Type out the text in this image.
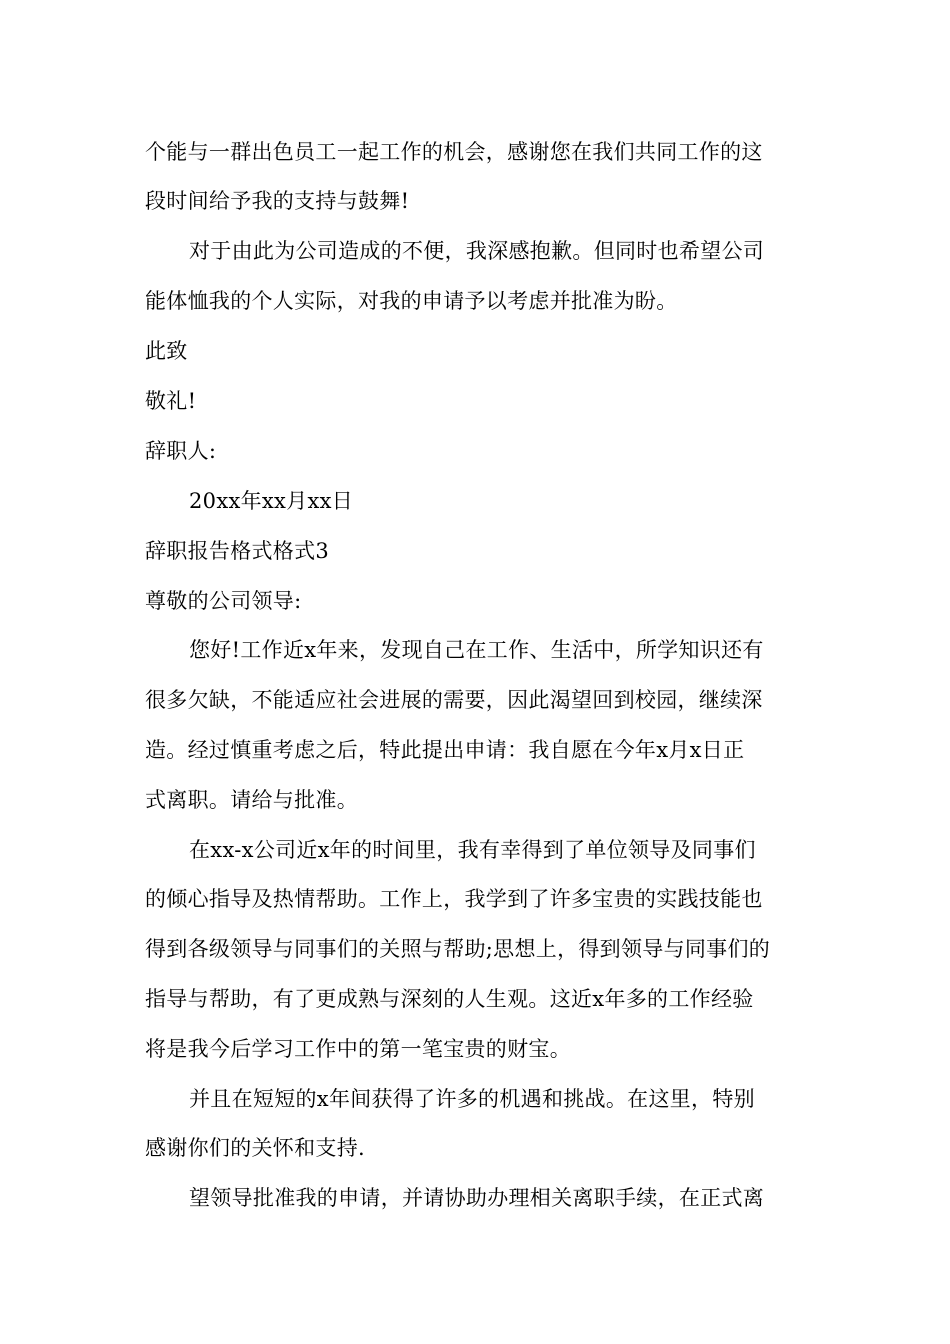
个能与一群出色员工一起工作的机会，感谢您在我们共同工作的这
段时间给予我的支持与鼓舞!
对于由此为公司造成的不便，我深感抱歉。但同时也希望公司
能体恤我的个人实际，对我的申请予以考虑并批准为盼。
此致
敬礼!
辞职人:
20xx年xx月xx日
辞职报告格式格式3
尊敬的公司领导:
您好!工作近x年来，发现自己在工作、生活中，所学知识还有
很多欠缺，不能适应社会进展的需要，因此渴望回到校园，继续深
造。经过慎重考虑之后，特此提出申请：我自愿在今年x月x日正
式离职。请给与批准。
在xx-x公司近x年的时间里，我有幸得到了单位领导及同事们
的倾心指导及热情帮助。工作上，我学到了许多宝贵的实践技能也
得到各级领导与同事们的关照与帮助;思想上，得到领导与同事们的
指导与帮助，有了更成熟与深刻的人生观。这近x年多的工作经验
将是我今后学习工作中的第一笔宝贵的财宝。
并且在短短的x年间获得了许多的机遇和挑战。在这里，特别
感谢你们的关怀和支持.
望领导批准我的申请，并请协助办理相关离职手续，在正式离
